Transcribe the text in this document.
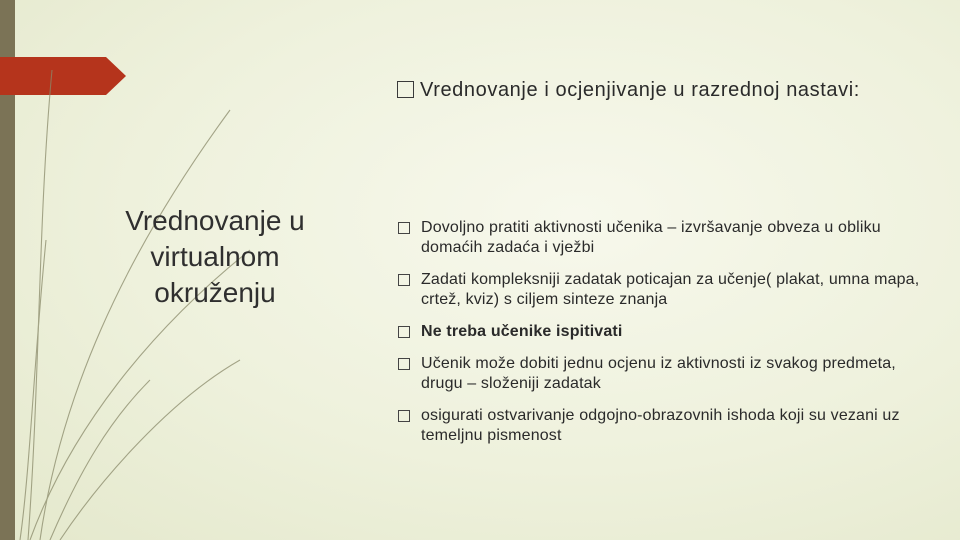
Vrednovanje i ocjenjivanje u razrednoj nastavi:
Vrednovanje u virtualnom okruženju
Dovoljno pratiti aktivnosti učenika – izvršavanje obveza u obliku domaćih zadaća i vježbi
Zadati kompleksniji zadatak poticajan za učenje( plakat, umna mapa, crtež, kviz) s ciljem sinteze znanja
Ne treba učenike ispitivati
Učenik može dobiti jednu ocjenu iz aktivnosti iz svakog predmeta, drugu – složeniji zadatak
osigurati ostvarivanje odgojno-obrazovnih ishoda koji su vezani uz temeljnu pismenost
